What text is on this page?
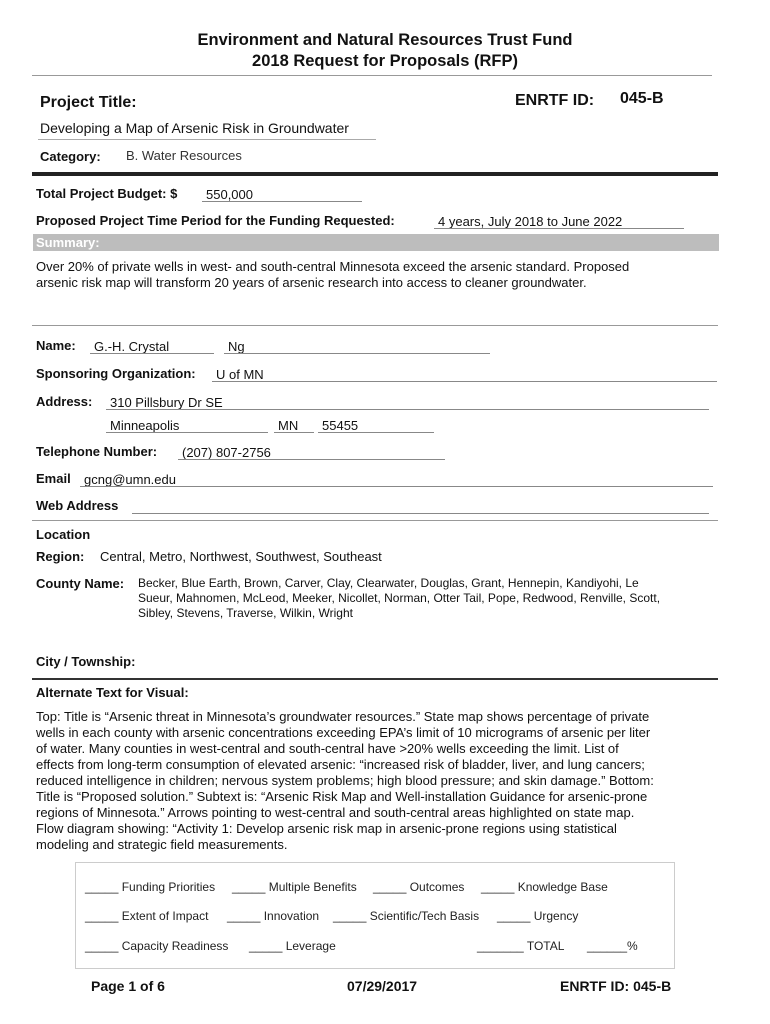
Environment and Natural Resources Trust Fund
2018 Request for Proposals (RFP)
Project Title:	ENRTF ID: 045-B
Developing a Map of Arsenic Risk in Groundwater
Category: B. Water Resources
Total Project Budget: $ 550,000
Proposed Project Time Period for the Funding Requested:	4 years, July 2018 to June 2022
Summary:
Over 20% of private wells in west- and south-central Minnesota exceed the arsenic standard. Proposed
arsenic risk map will transform 20 years of arsenic research into access to cleaner groundwater.
Name: G.-H. Crystal	Ng
Sponsoring Organization: U of MN
Address: 310 Pillsbury Dr SE
Minneapolis	MN 55455
Telephone Number: (207) 807-2756
Email gcng@umn.edu
Web Address
Location
Region: Central, Metro, Northwest, Southwest, Southeast
County Name: Becker, Blue Earth, Brown, Carver, Clay, Clearwater, Douglas, Grant, Hennepin, Kandiyohi, Le
Sueur, Mahnomen, McLeod, Meeker, Nicollet, Norman, Otter Tail, Pope, Redwood, Renville, Scott,
Sibley, Stevens, Traverse, Wilkin, Wright
City / Township:
Alternate Text for Visual:
Top: Title is “Arsenic threat in Minnesota’s groundwater resources.” State map shows percentage of private
wells in each county with arsenic concentrations exceeding EPA’s limit of 10 micrograms of arsenic per liter
of water. Many counties in west-central and south-central have >20% wells exceeding the limit. List of
effects from long-term consumption of elevated arsenic: “increased risk of bladder, liver, and lung cancers;
reduced intelligence in children; nervous system problems; high blood pressure; and skin damage.” Bottom:
Title is “Proposed solution.” Subtext is: “Arsenic Risk Map and Well-installation Guidance for arsenic-prone
regions of Minnesota.” Arrows pointing to west-central and south-central areas highlighted on state map.
Flow diagram showing: “Activity 1: Develop arsenic risk map in arsenic-prone regions using statistical
modeling and strategic field measurements.
_____ Funding Priorities _____ Multiple Benefits _____ Outcomes _____ Knowledge Base
_____ Extent of Impact _____ Innovation _____ Scientific/Tech Basis _____ Urgency
_____ Capacity Readiness _____ Leverage	_______ TOTAL ______%
Page 1 of 6	07/29/2017	ENRTF ID: 045-B
